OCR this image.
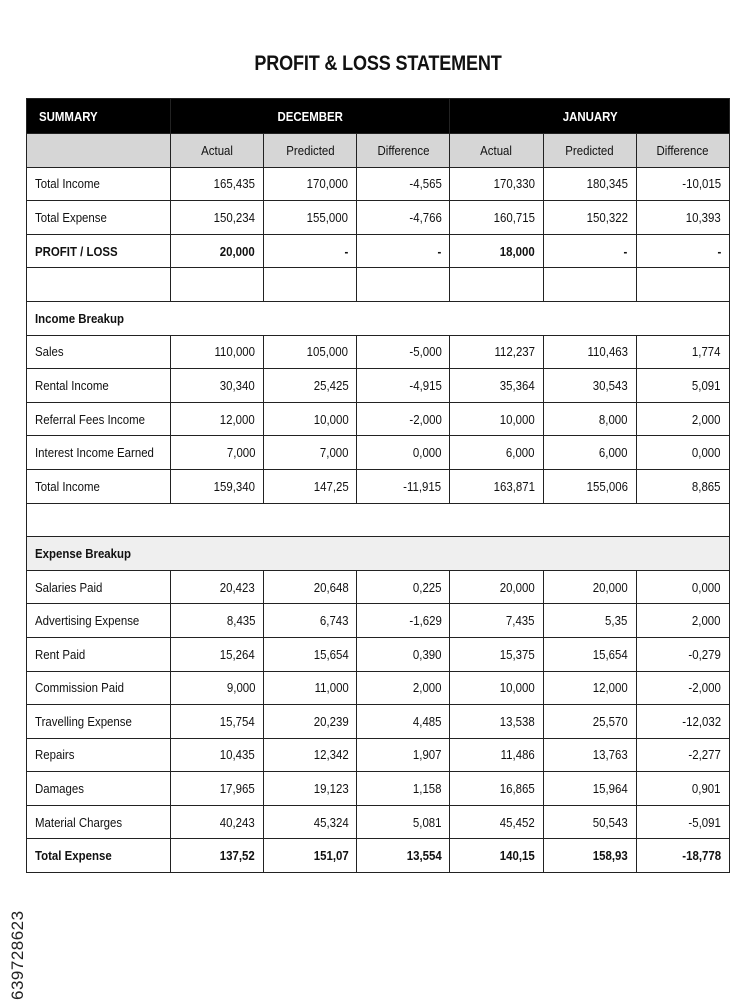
PROFIT & LOSS STATEMENT
SUMMARY	DECEMBER			JANUARY		
	Actual	Predicted	Difference	Actual	Predicted	Difference
Total Income	165,435	170,000	-4,565	170,330	180,345	-10,015
Total Expense	150,234	155,000	-4,766	160,715	150,322	10,393
PROFIT / LOSS	20,000	-	-	18,000	-	-

Income Breakup						
Sales	110,000	105,000	-5,000	112,237	110,463	1,774
Rental Income	30,340	25,425	-4,915	35,364	30,543	5,091
Referral Fees Income	12,000	10,000	-2,000	10,000	8,000	2,000
Interest Income Earned	7,000	7,000	0,000	6,000	6,000	0,000
Total Income	159,340	147,25	-11,915	163,871	155,006	8,865

Expense Breakup						
Salaries Paid	20,423	20,648	0,225	20,000	20,000	0,000
Advertising Expense	8,435	6,743	-1,629	7,435	5,35	2,000
Rent Paid	15,264	15,654	0,390	15,375	15,654	-0,279
Commission Paid	9,000	11,000	2,000	10,000	12,000	-2,000
Travelling Expense	15,754	20,239	4,485	13,538	25,570	-12,032
Repairs	10,435	12,342	1,907	11,486	13,763	-2,277
Damages	17,965	19,123	1,158	16,865	15,964	0,901
Material Charges	40,243	45,324	5,081	45,452	50,543	-5,091
Total Expense	137,52	151,07	13,554	140,15	158,93	-18,778
639728623
